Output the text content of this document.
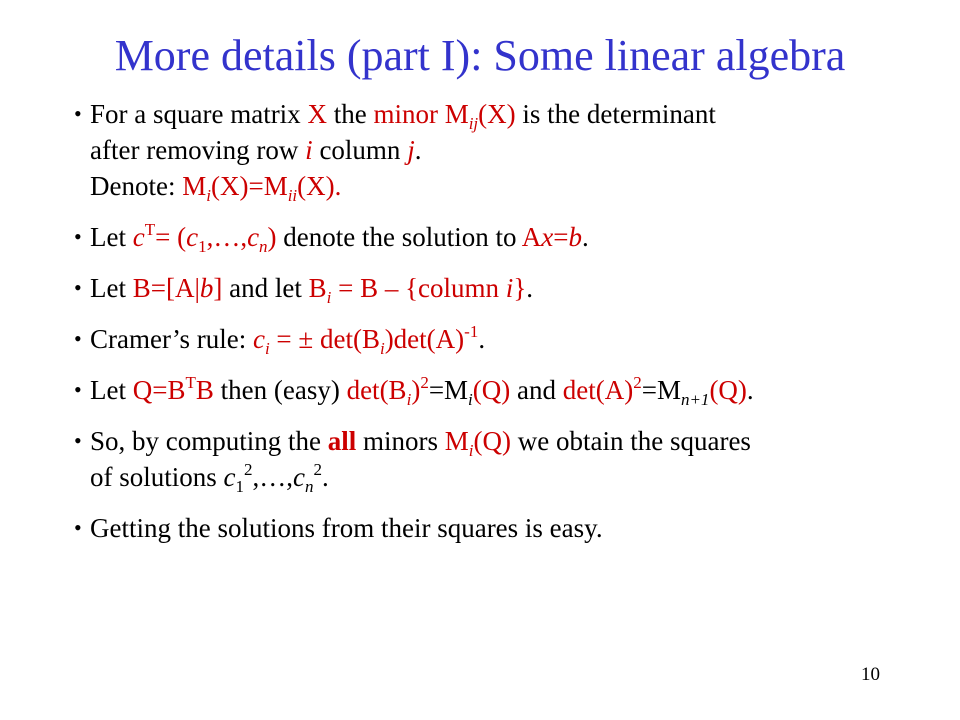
More details (part I): Some linear algebra
• For a square matrix X the minor $M_{ij}(X)$ is the determinant
after removing row i column j.
Denote: $M_i(X)=M_{ii}(X)$.
• Let $c^T=$ $(c_1,\dots,c_n)$ denote the solution to Ax=b.
• Let B=[A|b] and let $B_i = B$ – {column i}.
• Cramer’s rule: $c_i$ = ± $\det(B_i)\det(A)^{-1}$.
• Let $Q=B^TB$ then (easy) $\det(B_i)^2=M_i(Q)$ and $\det(A)^2=M_{n+1}(Q)$.
• So, by computing the all minors $M_i(Q)$ we obtain the squares
of solutions $c_1^2,\dots,c_n^2$.
• Getting the solutions from their squares is easy.
10
